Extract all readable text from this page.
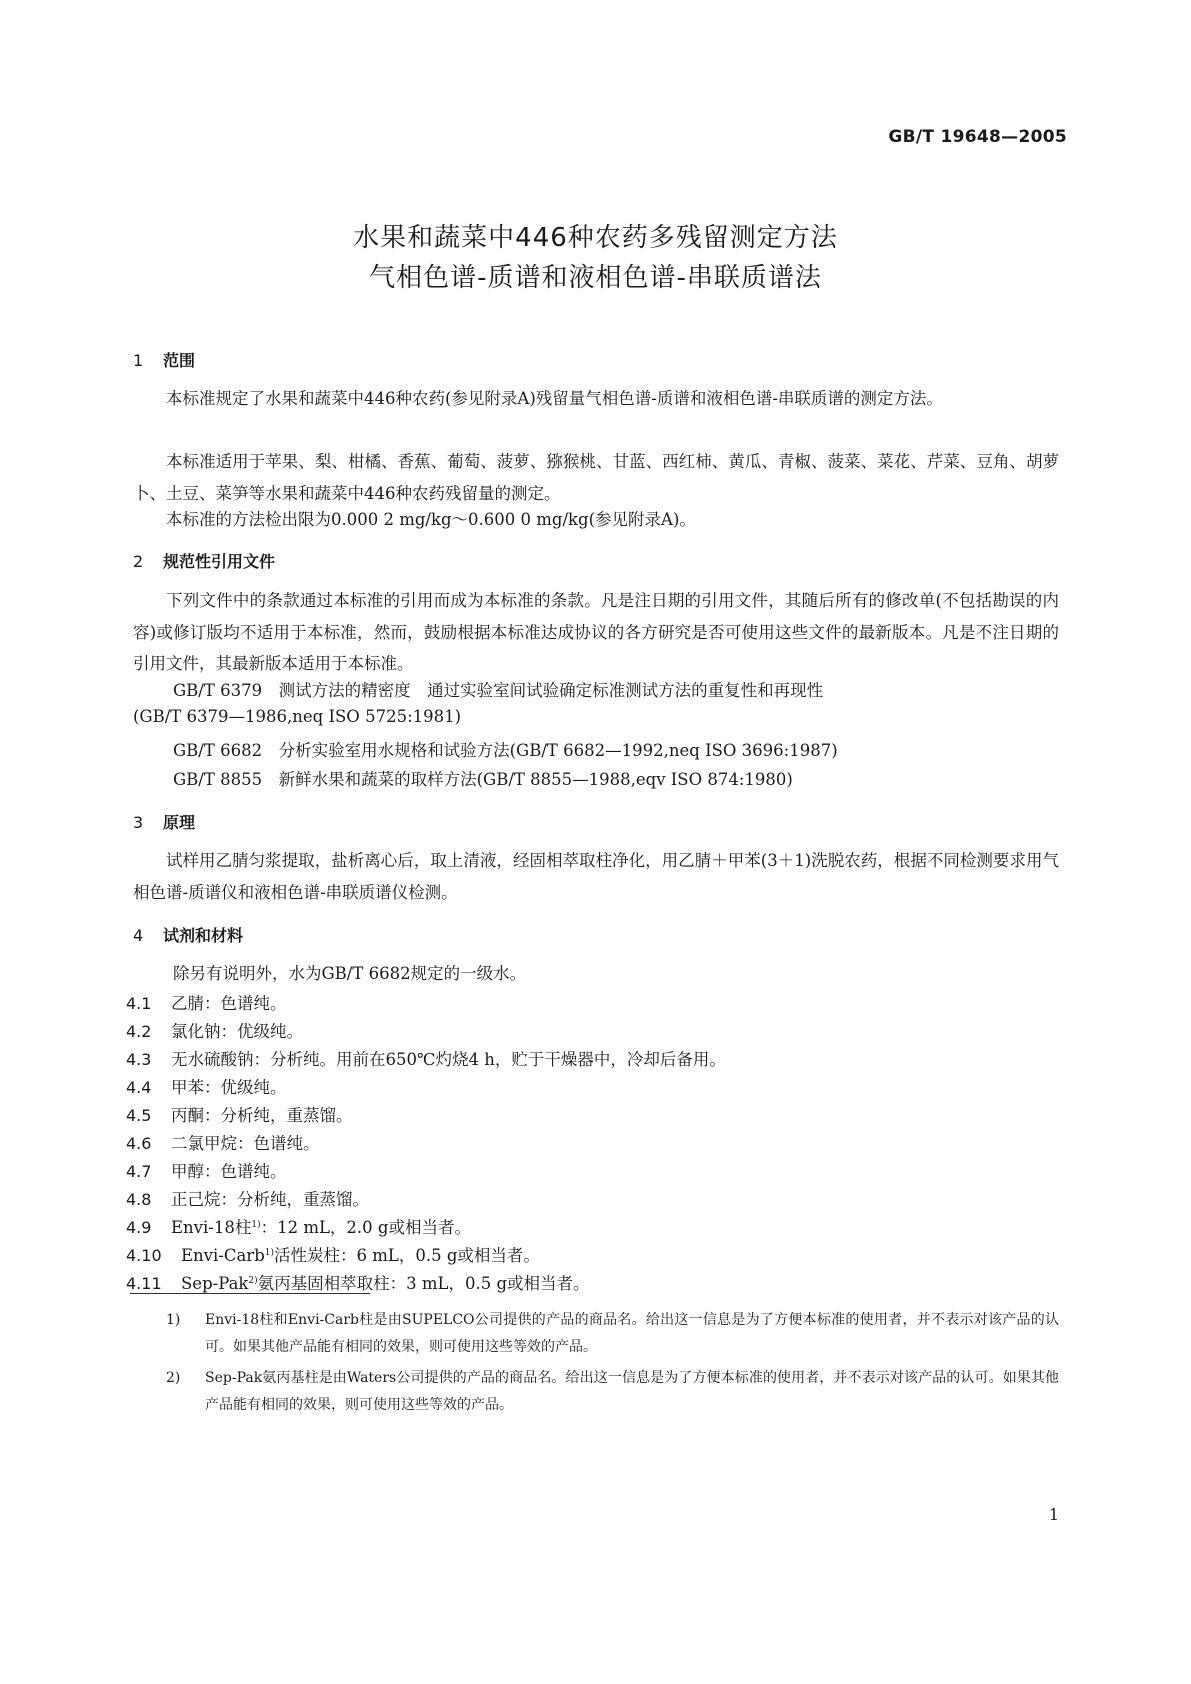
GB/T 19648—2005
水果和蔬菜中446种农药多残留测定方法
气相色谱-质谱和液相色谱-串联质谱法
1 范围

本标准规定了水果和蔬菜中446种农药(参见附录A)残留量气相色谱-质谱和液相色谱-串联质谱的测定方法。

本标准适用于苹果、梨、柑橘、香蕉、葡萄、菠萝、猕猴桃、甘蓝、西红柿、黄瓜、青椒、菠菜、菜花、芹菜、豆角、胡萝卜、土豆、菜笋等水果和蔬菜中446种农药残留量的测定。

本标准的方法检出限为0.000 2 mg/kg～0.600 0 mg/kg(参见附录A)。

2 规范性引用文件

下列文件中的条款通过本标准的引用而成为本标准的条款。凡是注日期的引用文件，其随后所有的修改单(不包括勘误的内容)或修订版均不适用于本标准，然而，鼓励根据本标准达成协议的各方研究是否可使用这些文件的最新版本。凡是不注日期的引用文件，其最新版本适用于本标准。

GB/T 6379　 测试方法的精密度　通过实验室间试验确定标准测试方法的重复性和再现性
(GB/T 6379—1986,neq ISO 5725:1981)
GB/T 6682　 分析实验室用水规格和试验方法(GB/T 6682—1992,neq ISO 3696:1987)
GB/T 8855　 新鲜水果和蔬菜的取样方法(GB/T 8855—1988,eqv ISO 874:1980)
3 原理

试样用乙腈匀浆提取，盐析离心后，取上清液，经固相萃取柱净化，用乙腈＋甲苯(3＋1)洗脱农药，根据不同检测要求用气相色谱-质谱仪和液相色谱-串联质谱仪检测。

4 试剂和材料
除另有说明外，水为GB/T 6682规定的一级水。
4.1 乙腈：色谱纯。
4.2 氯化钠：优级纯。
4.3 无水硫酸钠：分析纯。用前在650℃灼烧4 h，贮于干燥器中，冷却后备用。
4.4 甲苯：优级纯。
4.5 丙酮：分析纯，重蒸馏。
4.6 二氯甲烷：色谱纯。
4.7 甲醇：色谱纯。
4.8 正己烷：分析纯，重蒸馏。
4.9 Envi-18柱$^{1)}$：12 mL，2.0 g或相当者。
4.10 Envi-Carb$^{1)}$活性炭柱：6 mL，0.5 g或相当者。
4.11 Sep-Pak$^{2)}$氨丙基固相萃取柱：3 mL，0.5 g或相当者。
1) Envi-18柱和Envi-Carb柱是由SUPELCO公司提供的产品的商品名。给出这一信息是为了方便本标准的使用者，并不表示对该产品的认可。如果其他产品能有相同的效果，则可使用这些等效的产品。
2) Sep-Pak氨丙基柱是由Waters公司提供的产品的商品名。给出这一信息是为了方便本标准的使用者，并不表示对该产品的认可。如果其他产品能有相同的效果，则可使用这些等效的产品。
1
